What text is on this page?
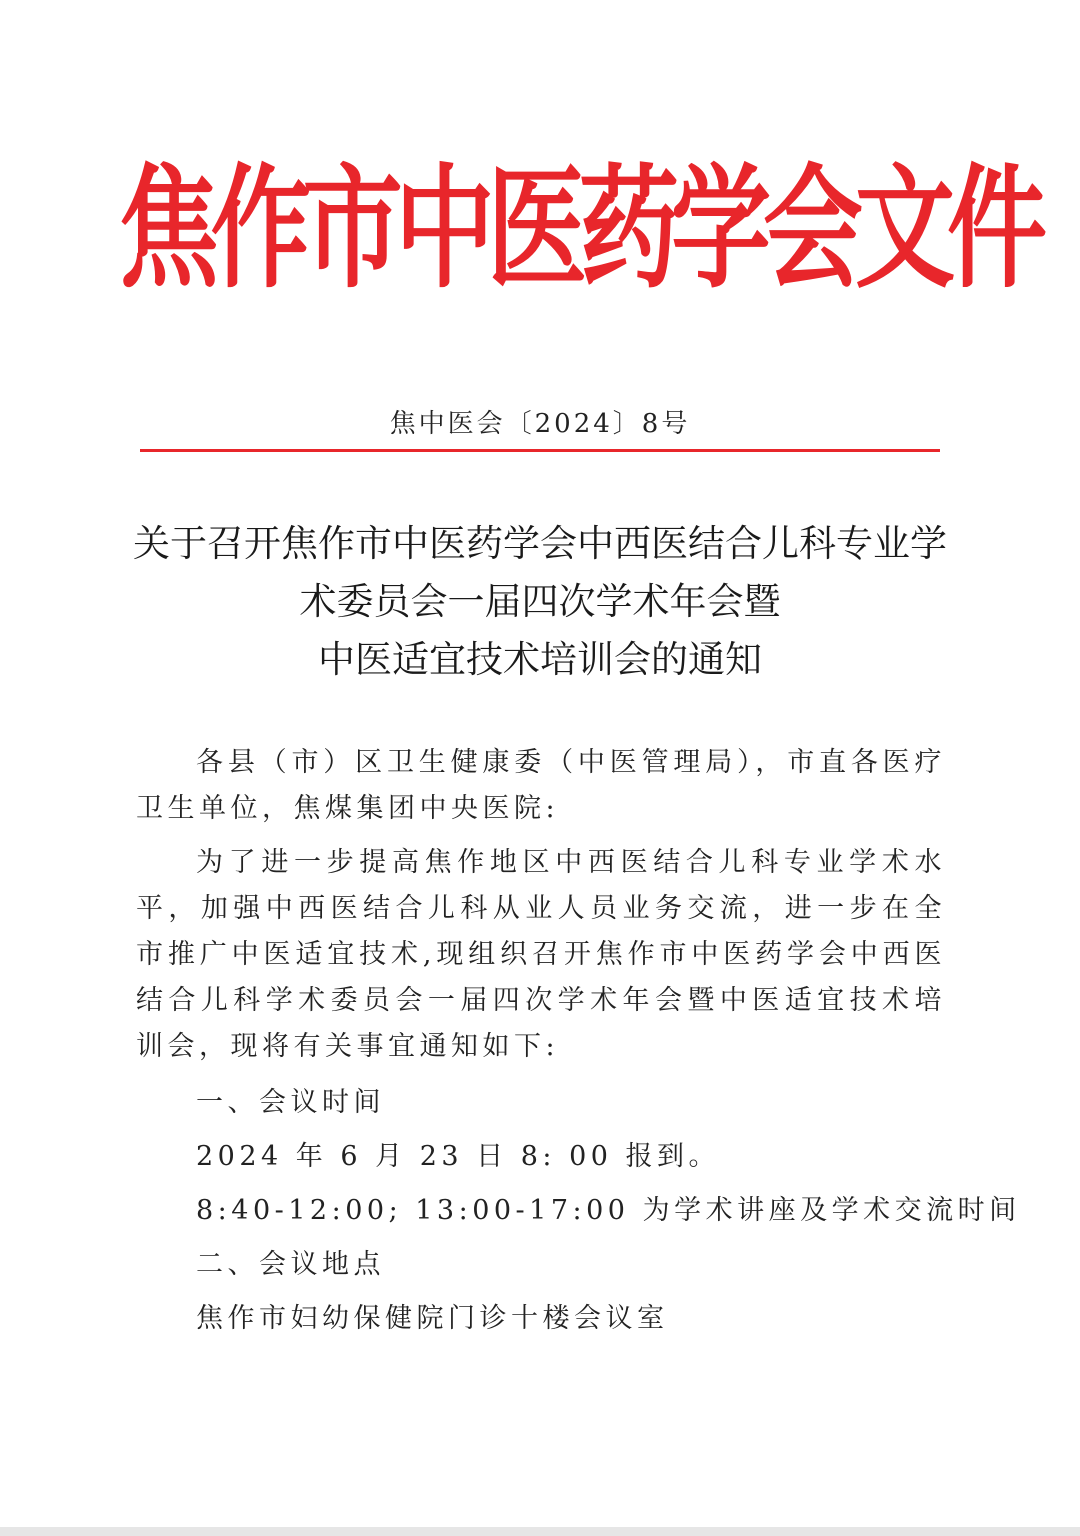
焦作市中医药学会文件
焦中医会〔2024〕8号
关于召开焦作市中医药学会中西医结合儿科专业学
术委员会一届四次学术年会暨
中医适宜技术培训会的通知

各县（市）区卫生健康委（中医管理局），市直各医疗卫生单位，焦煤集团中央医院:

为了进一步提高焦作地区中西医结合儿科专业学术水平，加强中西医结合儿科从业人员业务交流，进一步在全市推广中医适宜技术,现组织召开焦作市中医药学会中西医结合儿科学术委员会一届四次学术年会暨中医适宜技术培训会，现将有关事宜通知如下:

一、会议时间
2024 年 6 月 23 日 8: 00 报到。
8:40-12:00; 13:00-17:00 为学术讲座及学术交流时间
二、会议地点
焦作市妇幼保健院门诊十楼会议室
